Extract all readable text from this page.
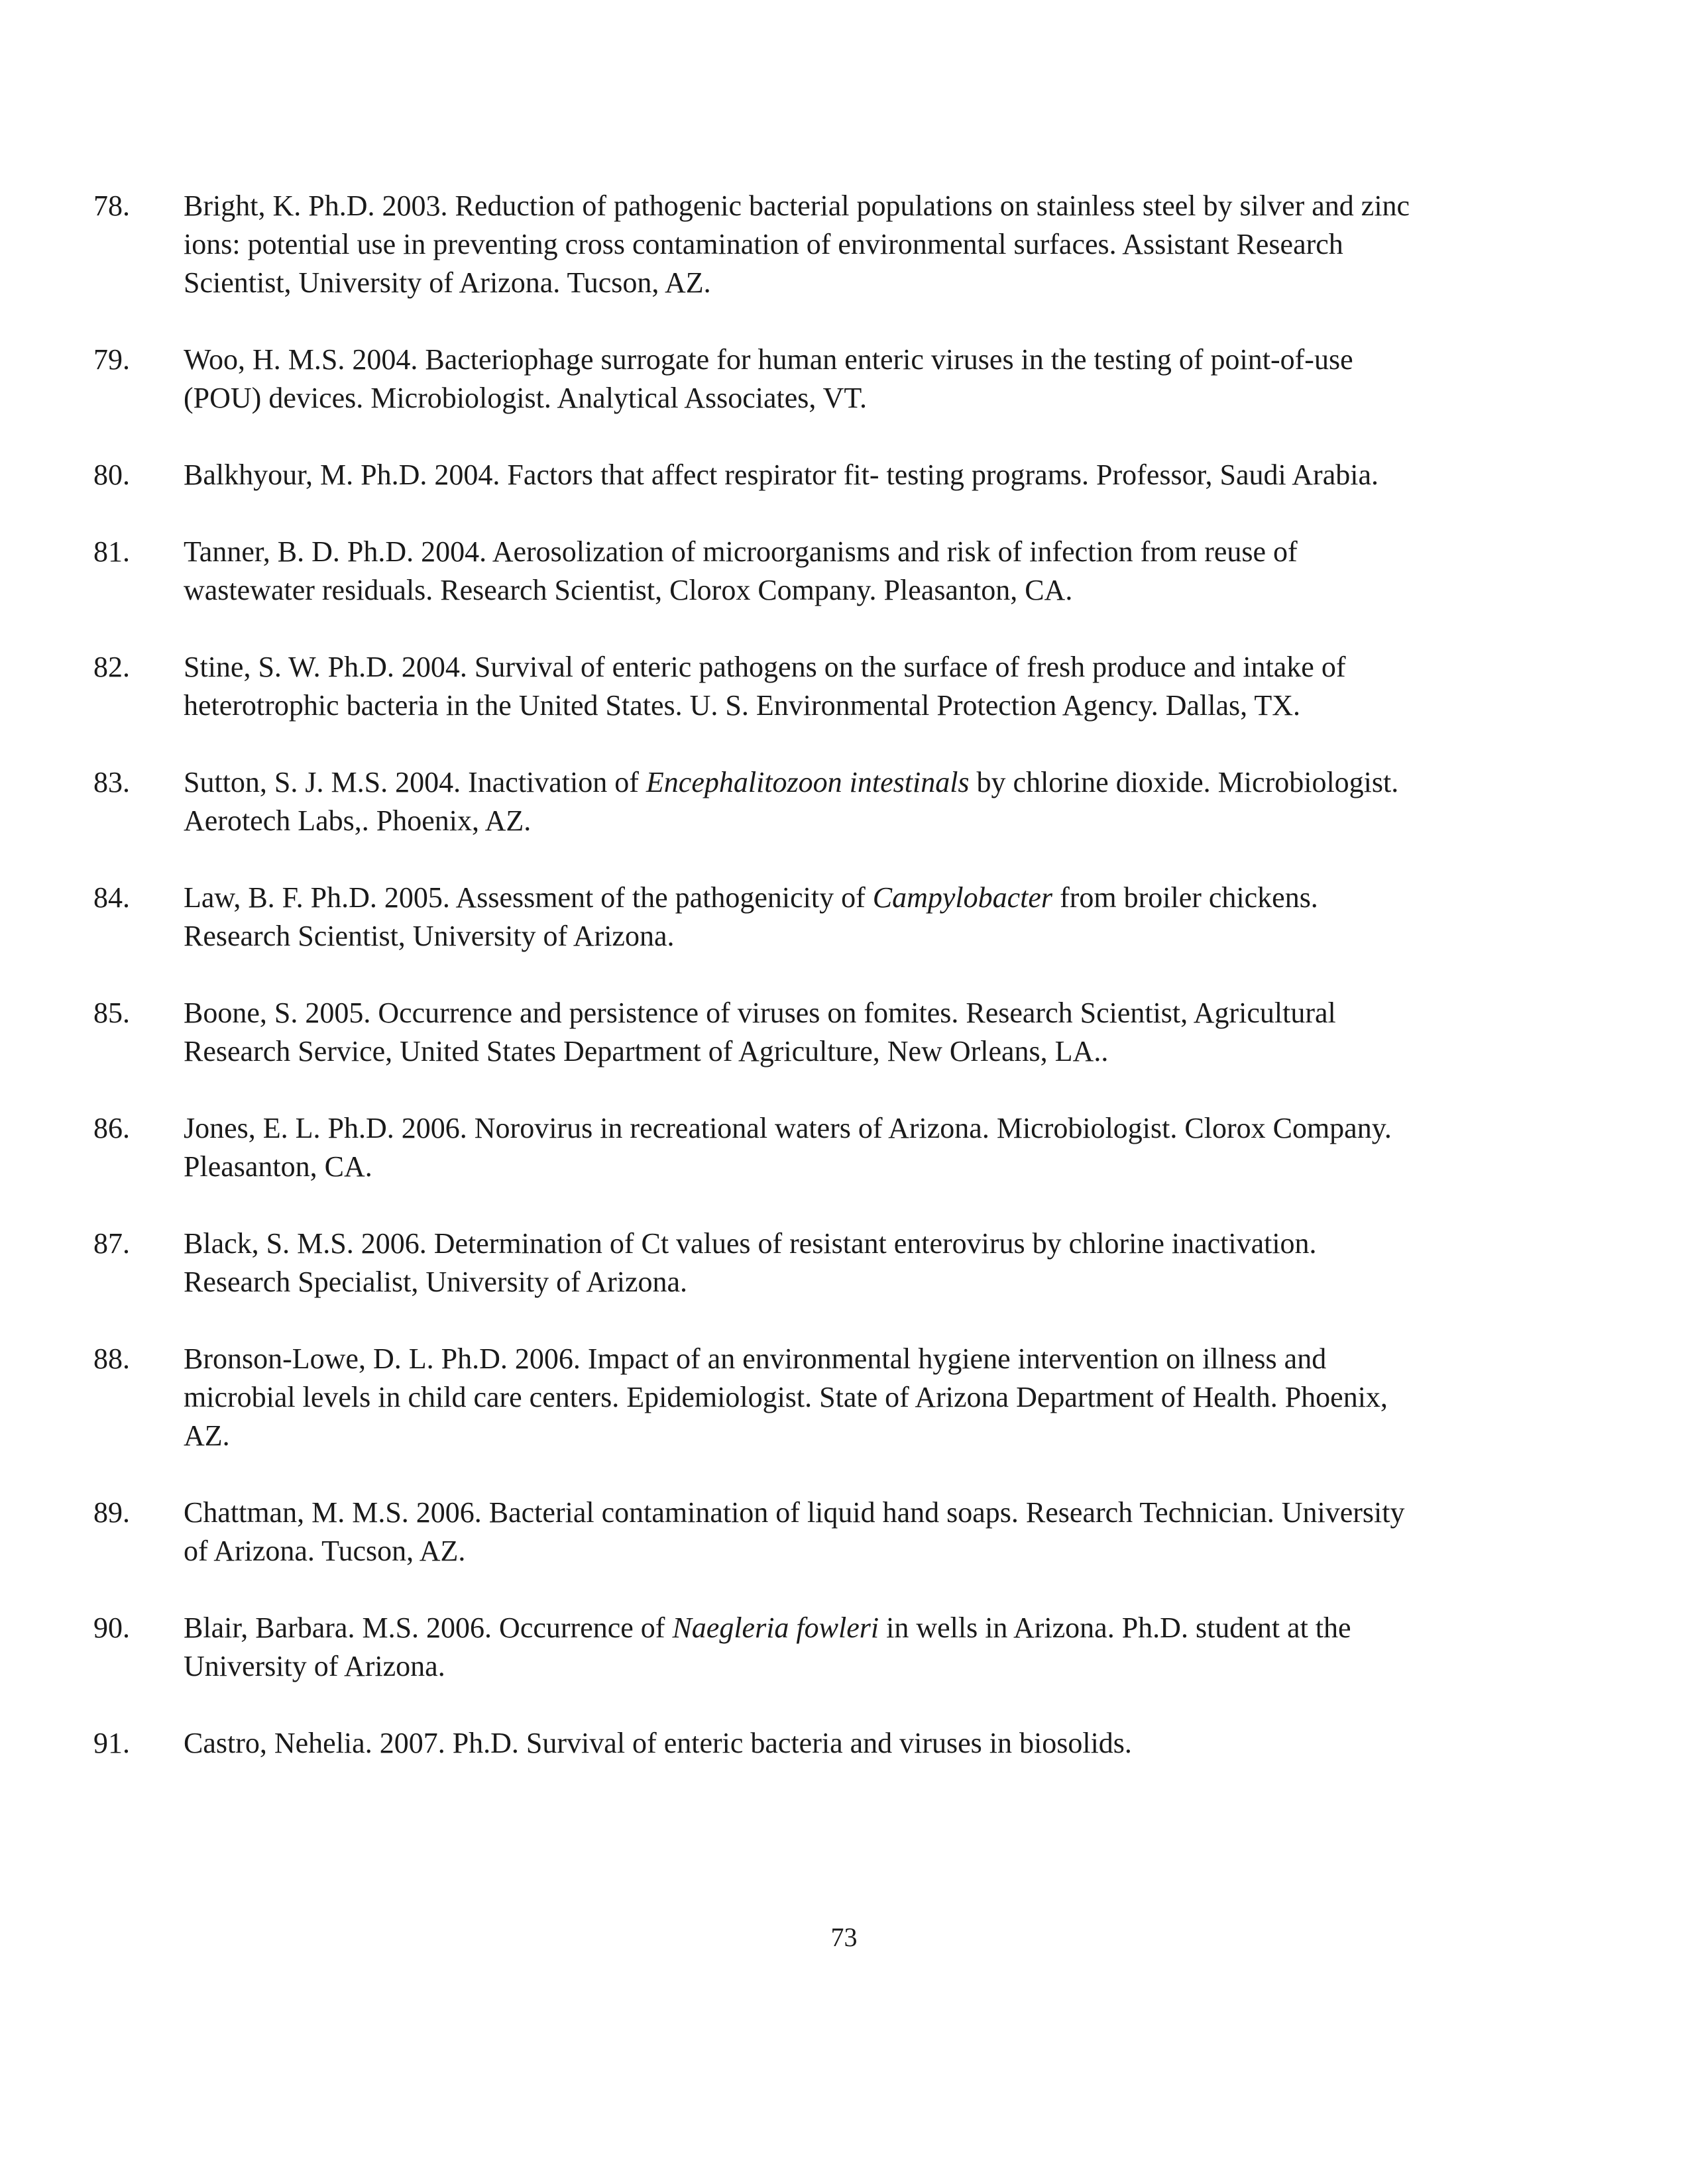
78. Bright, K. Ph.D. 2003. Reduction of pathogenic bacterial populations on stainless steel by silver and zinc
ions: potential use in preventing cross contamination of environmental surfaces. Assistant Research
Scientist, University of Arizona. Tucson, AZ.
79. Woo, H. M.S. 2004. Bacteriophage surrogate for human enteric viruses in the testing of point-of-use
(POU) devices. Microbiologist. Analytical Associates, VT.
80. Balkhyour, M. Ph.D. 2004. Factors that affect respirator fit- testing programs. Professor, Saudi Arabia.
81. Tanner, B. D. Ph.D. 2004. Aerosolization of microorganisms and risk of infection from reuse of
wastewater residuals. Research Scientist, Clorox Company. Pleasanton, CA.
82. Stine, S. W. Ph.D. 2004. Survival of enteric pathogens on the surface of fresh produce and intake of
heterotrophic bacteria in the United States. U. S. Environmental Protection Agency. Dallas, TX.
83. Sutton, S. J. M.S. 2004. Inactivation of Encephalitozoon intestinals by chlorine dioxide. Microbiologist.
Aerotech Labs,. Phoenix, AZ.
84. Law, B. F. Ph.D. 2005. Assessment of the pathogenicity of Campylobacter from broiler chickens.
Research Scientist, University of Arizona.
85. Boone, S. 2005. Occurrence and persistence of viruses on fomites. Research Scientist, Agricultural
Research Service, United States Department of Agriculture, New Orleans, LA..
86. Jones, E. L. Ph.D. 2006. Norovirus in recreational waters of Arizona. Microbiologist. Clorox Company.
Pleasanton, CA.
87. Black, S. M.S. 2006. Determination of Ct values of resistant enterovirus by chlorine inactivation.
Research Specialist, University of Arizona.
88. Bronson-Lowe, D. L. Ph.D. 2006. Impact of an environmental hygiene intervention on illness and
microbial levels in child care centers. Epidemiologist. State of Arizona Department of Health. Phoenix,
AZ.
89. Chattman, M. M.S. 2006. Bacterial contamination of liquid hand soaps. Research Technician. University
of Arizona. Tucson, AZ.
90. Blair, Barbara. M.S. 2006. Occurrence of Naegleria fowleri in wells in Arizona. Ph.D. student at the
University of Arizona.
91. Castro, Nehelia. 2007. Ph.D. Survival of enteric bacteria and viruses in biosolids.
73
